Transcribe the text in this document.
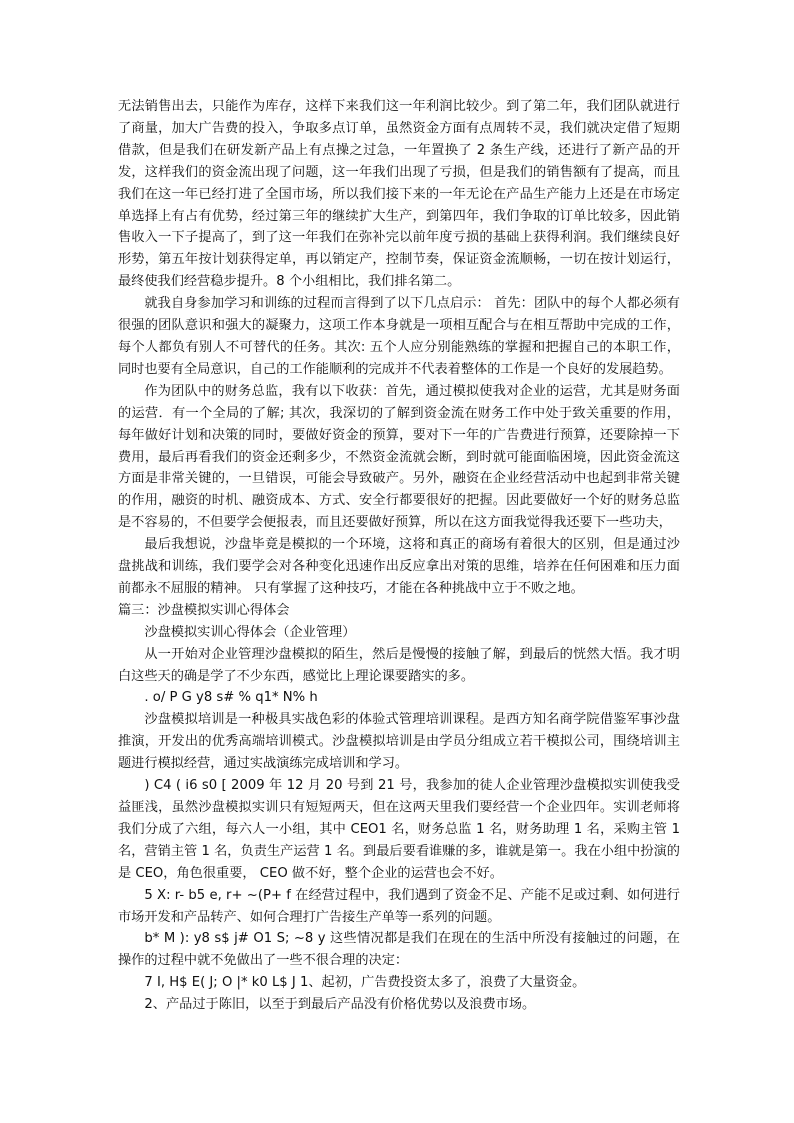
无法销售出去，只能作为库存，这样下来我们这一年利润比较少。到了第二年，我们团队就进行了商量，加大广告费的投入，争取多点订单，虽然资金方面有点周转不灵，我们就决定借了短期借款，但是我们在研发新产品上有点操之过急，一年置换了 2 条生产线，还进行了新产品的开发，这样我们的资金流出现了问题，这一年我们出现了亏损，但是我们的销售额有了提高，而且我们在这一年已经打进了全国市场，所以我们接下来的一年无论在产品生产能力上还是在市场定单选择上有占有优势，经过第三年的继续扩大生产，到第四年，我们争取的订单比较多，因此销售收入一下子提高了，到了这一年我们在弥补完以前年度亏损的基础上获得利润。我们继续良好形势，第五年按计划获得定单，再以销定产，控制节奏，保证资金流顺畅，一切在按计划运行，最终使我们经营稳步提升。8 个小组相比，我们排名第二。

就我自身参加学习和训练的过程而言得到了以下几点启示： 首先：团队中的每个人都必须有很强的团队意识和强大的凝聚力，这项工作本身就是一项相互配合与在相互帮助中完成的工作，每个人都负有别人不可替代的任务。其次: 五个人应分别能熟练的掌握和把握自己的本职工作，同时也要有全局意识，自己的工作能顺利的完成并不代表着整体的工作是一个良好的发展趋势。

作为团队中的财务总监，我有以下收获：首先，通过模拟使我对企业的运营，尤其是财务面的运营．有一个全局的了解; 其次，我深切的了解到资金流在财务工作中处于致关重要的作用，每年做好计划和决策的同时，要做好资金的预算，要对下一年的广告费进行预算，还要除掉一下费用，最后再看我们的资金还剩多少，不然资金流就会断，到时就可能面临困境，因此资金流这方面是非常关键的，一旦错误，可能会导致破产。另外，融资在企业经营活动中也起到非常关键的作用，融资的时机、融资成本、方式、安全行都要很好的把握。因此要做好一个好的财务总监是不容易的，不但要学会便报表，而且还要做好预算，所以在这方面我觉得我还要下一些功夫，

最后我想说，沙盘毕竟是模拟的一个环境，这将和真正的商场有着很大的区别，但是通过沙盘挑战和训练，我们要学会对各种变化迅速作出反应拿出对策的思维，培养在任何困难和压力面前都永不屈服的精神。 只有掌握了这种技巧，才能在各种挑战中立于不败之地。

篇三：沙盘模拟实训心得体会

沙盘模拟实训心得体会（企业管理）

从一开始对企业管理沙盘模拟的陌生，然后是慢慢的接触了解，到最后的恍然大悟。我才明白这些天的确是学了不少东西，感觉比上理论课要踏实的多。

. o/ P G y8 s# % q1* N% h

沙盘模拟培训是一种极具实战色彩的体验式管理培训课程。是西方知名商学院借鉴军事沙盘推演，开发出的优秀高端培训模式。沙盘模拟培训是由学员分组成立若干模拟公司，围绕培训主题进行模拟经营，通过实战演练完成培训和学习。

) C4 ( i6 s0 [ 2009 年 12 月 20 号到 21 号，我参加的徒人企业管理沙盘模拟实训使我受益匪浅，虽然沙盘模拟实训只有短短两天，但在这两天里我们要经营一个企业四年。实训老师将我们分成了六组，每六人一小组，其中 CEO1 名，财务总监 1 名，财务助理 1 名，采购主管 1 名，营销主管 1 名，负责生产运营 1 名。到最后要看谁赚的多，谁就是第一。我在小组中扮演的是 CEO，角色很重要， CEO 做不好，整个企业的运营也会不好。

5 X: r- b5 e, r+ ~(P+ f 在经营过程中，我们遇到了资金不足、产能不足或过剩、如何进行市场开发和产品转产、如何合理打广告接生产单等一系列的问题。

b* M ): y8 s$ j# O1 S; ~8 y 这些情况都是我们在现在的生活中所没有接触过的问题，在操作的过程中就不免做出了一些不很合理的决定：

7 I, H$ E( J; O |* k0 L$ J 1、起初，广告费投资太多了，浪费了大量资金。

2、产品过于陈旧，以至于到最后产品没有价格优势以及浪费市场。
